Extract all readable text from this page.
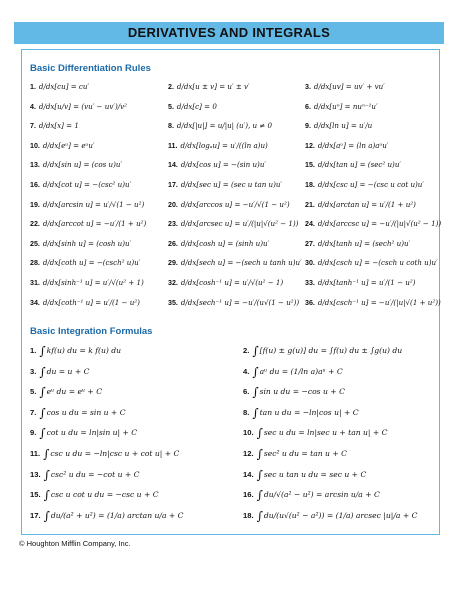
DERIVATIVES AND INTEGRALS
Basic Differentiation Rules
1. d/dx[cu] = cu′	2. d/dx[u ± v] = u′ ± v′	3. d/dx[uv] = uv′ + vu′
4. d/dx[u/v] = (vu′ − uv′)/v²	5. d/dx[c] = 0	6. d/dx[uⁿ] = nuⁿ⁻¹u′
7. d/dx[x] = 1	8. d/dx[|u|] = u/|u| (u′), u ≠ 0	9. d/dx[ln u] = u′/u
10. d/dx[eᵘ] = eᵘu′	11. d/dx[logₐu] = u′/((ln a)u)	12. d/dx[aᵘ] = (ln a)aᵘu′
13. d/dx[sin u] = (cos u)u′	14. d/dx[cos u] = −(sin u)u′	15. d/dx[tan u] = (sec² u)u′
16. d/dx[cot u] = −(csc² u)u′	17. d/dx[sec u] = (sec u tan u)u′	18. d/dx[csc u] = −(csc u cot u)u′
19. d/dx[arcsin u] = u′/√(1 − u²)	20. d/dx[arccos u] = −u′/√(1 − u²) 21. d/dx[arctan u] = u′/(1 + u²)
22. d/dx[arccot u] = −u′/(1 + u²)	23. d/dx[arcsec u] = u′/(|u|√(u² − 1)) 24. d/dx[arccsc u] = −u′/(|u|√(u² − 1))
25. d/dx[sinh u] = (cosh u)u′	26. d/dx[cosh u] = (sinh u)u′	27. d/dx[tanh u] = (sech² u)u′
28. d/dx[coth u] = −(csch² u)u′	29. d/dx[sech u] = −(sech u tanh u)u′ 30. d/dx[csch u] = −(csch u coth u)u′
31. d/dx[sinh⁻¹ u] = u′/√(u² + 1)	32. d/dx[cosh⁻¹ u] = u′/√(u² − 1)	33. d/dx[tanh⁻¹ u] = u′/(1 − u²)
34. d/dx[coth⁻¹ u] = u′/(1 − u²)	35. d/dx[sech⁻¹ u] = −u′/(u√(1 − u²)) 36. d/dx[csch⁻¹ u] = −u′/(|u|√(1 + u²))
Basic Integration Formulas
1. ∫kf(u) du = k f(u) du	2. ∫[f(u) ± g(u)] du = ∫f(u) du ± ∫g(u) du
3. ∫du = u + C	4. ∫aᵘ du = (1/ln a)aᵘ + C
5. ∫eᵘ du = eᵘ + C	6. ∫sin u du = −cos u + C
7. ∫cos u du = sin u + C	8. ∫tan u du = −ln|cos u| + C
9. ∫cot u du = ln|sin u| + C	10. ∫sec u du = ln|sec u + tan u| + C
11. ∫csc u du = −ln|csc u + cot u| + C	12. ∫sec² u du = tan u + C
13. ∫csc² u du = −cot u + C	14. ∫sec u tan u du = sec u + C
15. ∫csc u cot u du = −csc u + C	16. ∫du/√(a² − u²) = arcsin u/a + C
17. ∫du/(a² + u²) = (1/a) arctan u/a + C	18. ∫du/(u√(u² − a²)) = (1/a) arcsec |u|/a + C
© Houghton Mifflin Company, Inc.
